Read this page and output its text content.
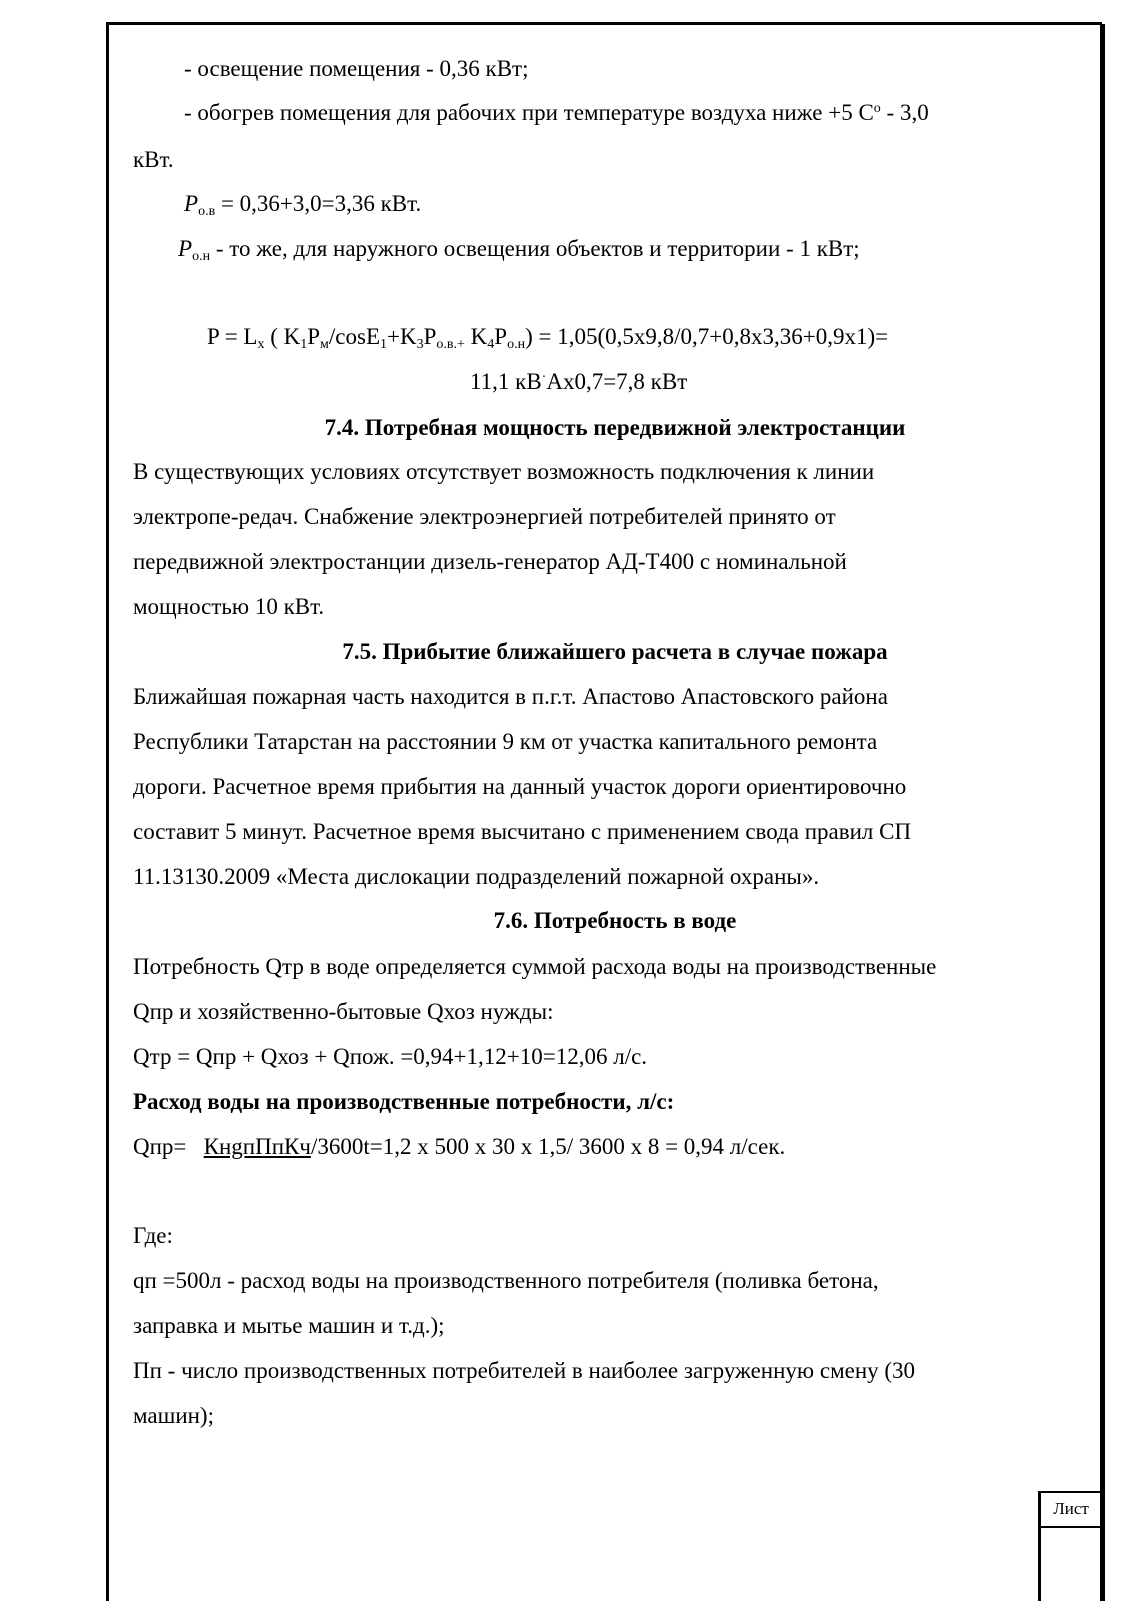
- освещение помещения - 0,36 кВт;
- обогрев помещения для рабочих при температуре воздуха ниже +5 $С^о - 3,0$
кВт.
$P_{о.в} = 0,36+3,0=3,36$ кВт.
$P_{о.н}$ - то же, для наружного освещения объектов и территории - 1 кВт;
$P = L_x$ ( $K_1P_м/\cos E_1+K_3P_{о.в.+}$ $K_4P_{о.н}) = 1,05(0,5х9,8/0,7+0,8х3,36+0,9х1)=$
11,1 кВ·Ах0,7=7,8 кВт
7.4. Потребная мощность передвижной электростанции
В существующих условиях отсутствует возможность подключения к линии
электропе-редач. Снабжение электроэнергией потребителей принято от
передвижной электростанции дизель-генератор АД-Т400 с номинальной
мощностью 10 кВт.
7.5. Прибытие ближайшего расчета в случае пожара
Ближайшая пожарная часть находится в п.г.т. Апастово Апастовского района
Республики Татарстан на расстоянии 9 км от участка капитального ремонта
дороги. Расчетное время прибытия на данный участок дороги ориентировочно
составит 5 минут. Расчетное время высчитано с применением свода правил СП
11.13130.2009 «Места дислокации подразделений пожарной охраны».
7.6. Потребность в воде
Потребность Qтр в воде определяется суммой расхода воды на производственные
Qпр и хозяйственно-бытовые Qхоз нужды:
Qтр = Qпр + Qхоз + Qпож. =0,94+1,12+10=12,06 л/с.
Расход воды на производственные потребности, л/с:
Qпр=   КнgпПпКч/3600t=1,2 х 500 х 30 х 1,5/ 3600 х 8 = 0,94 л/сек.
Где:
qп =500л - расход воды на производственного потребителя (поливка бетона,
заправка и мытье машин и т.д.);
Пп - число производственных потребителей в наиболее загруженную смену (30
машин);
Лист
